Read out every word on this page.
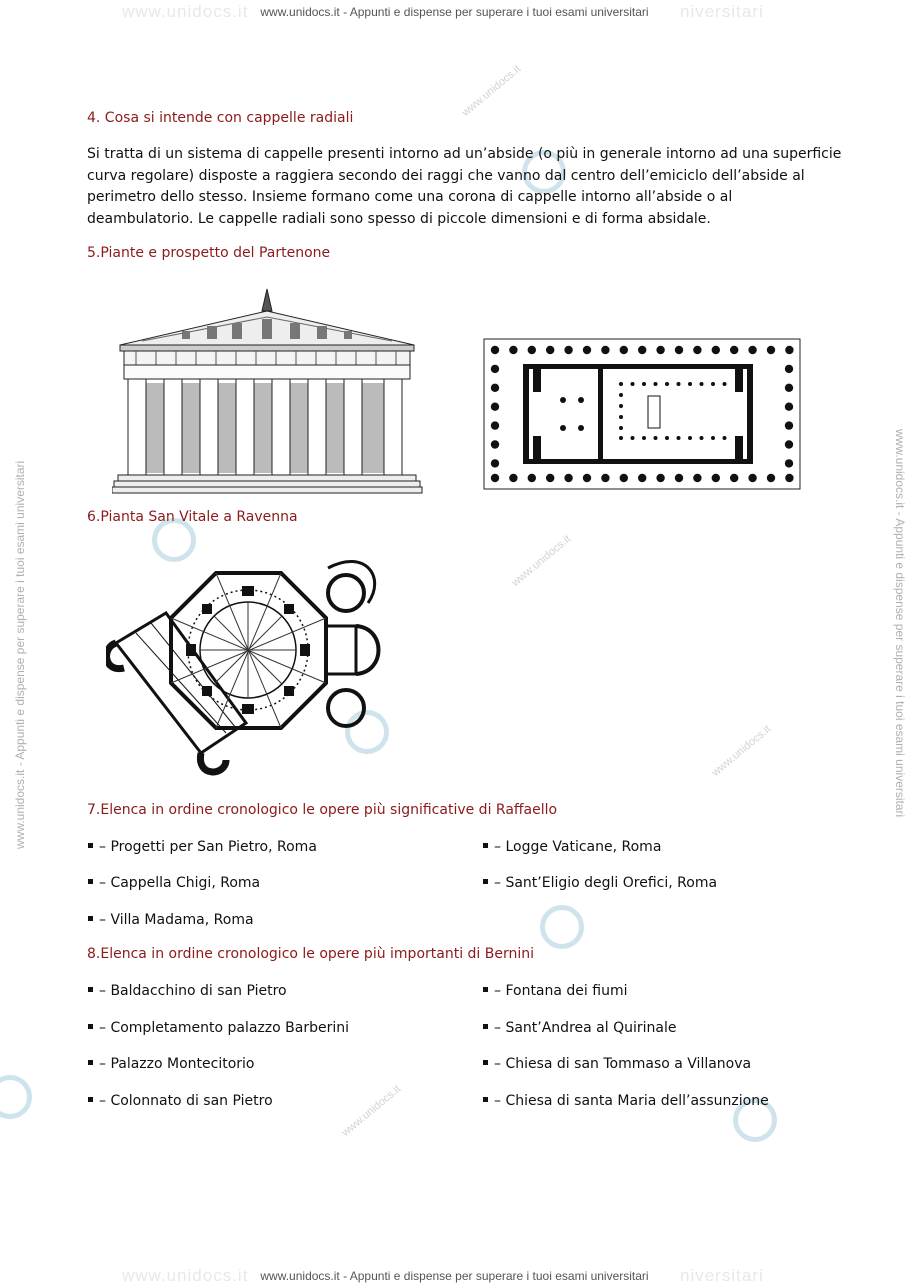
www.unidocs.it	niversitari
www.unidocs.it	niversitari
www.unidocs.it - Appunti e dispense per superare i tuoi esami universitari
www.unidocs.it - Appunti e dispense per superare i tuoi esami universitari
www.unidocs.it - Appunti e dispense per superare i tuoi esami universitari	www.unidocs.it - Appunti e dispense per superare i tuoi esami universitari
www.unidocs.it
www.unidocs.it
www.unidocs.it
www.unidocs.it
4. Cosa si intende con cappelle radiali
Si tratta di un sistema di cappelle presenti intorno ad un’abside (o più in generale intorno ad una superficie
curva regolare) disposte a raggiera secondo dei raggi che vanno dal centro dell’emiciclo dell’abside al
perimetro dello stesso. Insieme formano come una corona di cappelle intorno all’abside o al
deambulatorio. Le cappelle radiali sono spesso di piccole dimensioni e di forma absidale.
5.Piante e prospetto del Partenone
6.Pianta San Vitale a Ravenna
7.Elenca in ordine cronologico le opere più significative di Raffaello
– Progetti per San Pietro, Roma
– Cappella Chigi, Roma
– Villa Madama, Roma
– Logge Vaticane, Roma
– Sant’Eligio degli Orefici, Roma
8.Elenca in ordine cronologico le opere più importanti di Bernini
– Baldacchino di san Pietro
– Completamento palazzo Barberini
– Palazzo Montecitorio
– Colonnato di san Pietro
– Fontana dei fiumi
– Sant’Andrea al Quirinale
– Chiesa di san Tommaso a Villanova
– Chiesa di santa Maria dell’assunzione
